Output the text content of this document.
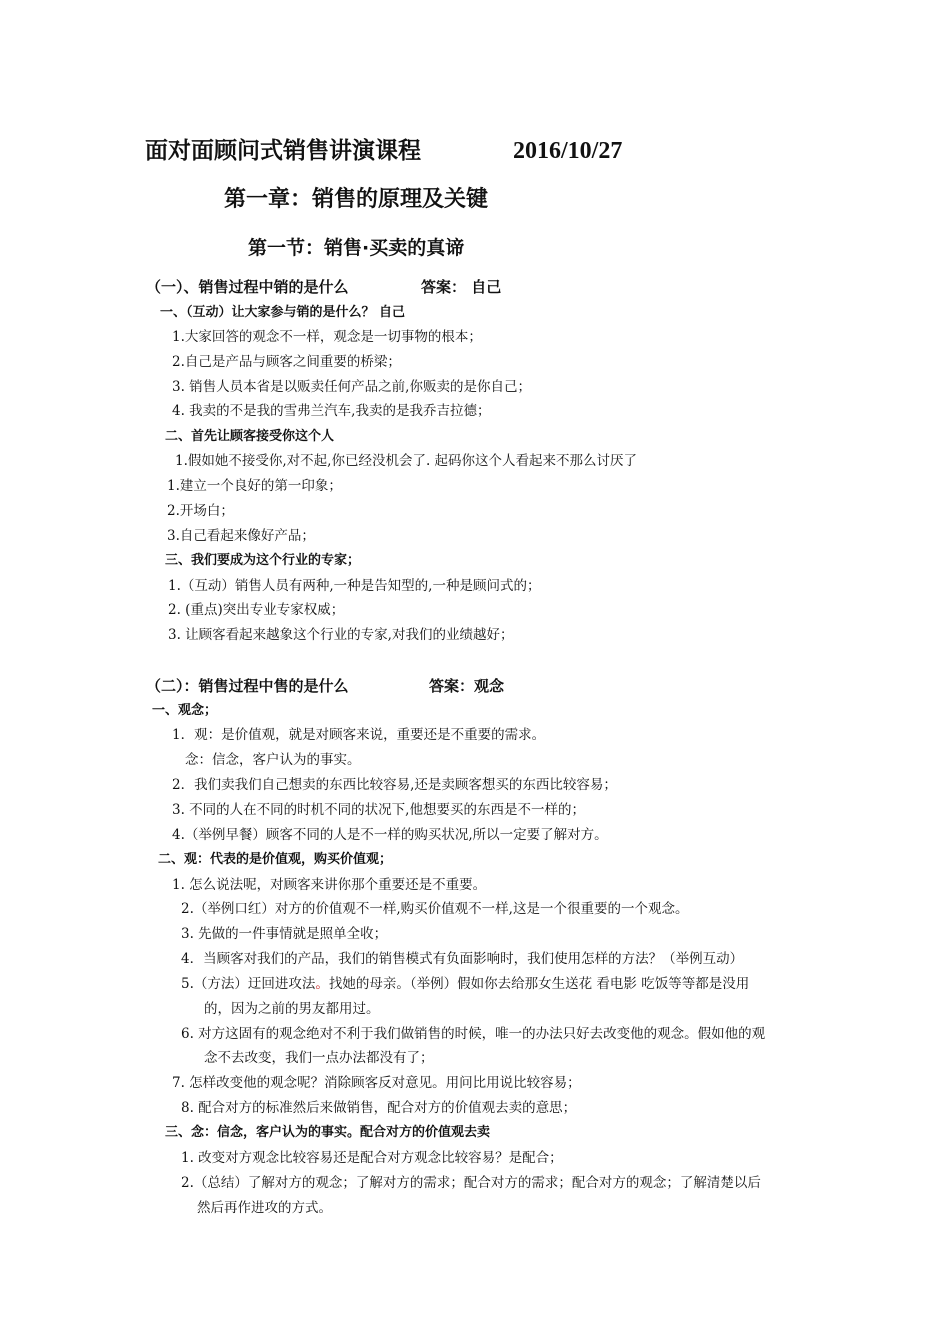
面对面顾问式销售讲演课程	2016/10/27
第一章：销售的原理及关键
第一节：销售·买卖的真谛
（一）、销售过程中销的是什么	答案： 自己
一、（互动）让大家参与销的是什么？ 自己
1.大家回答的观念不一样，观念是一切事物的根本；
2.自己是产品与顾客之间重要的桥梁；
3. 销售人员本省是以贩卖任何产品之前,你贩卖的是你自己；
4. 我卖的不是我的雪弗兰汽车,我卖的是我乔吉拉德；
二、首先让顾客接受你这个人
1.假如她不接受你,对不起,你已经没机会了. 起码你这个人看起来不那么讨厌了
1.建立一个良好的第一印象；
2.开场白；
3.自己看起来像好产品；
三、我们要成为这个行业的专家；
1.（互动）销售人员有两种,一种是告知型的,一种是顾问式的；
2. (重点)突出专业专家权威；
3. 让顾客看起来越象这个行业的专家,对我们的业绩越好；
（二）：销售过程中售的是什么	答案：观念
一、观念；
1．观：是价值观，就是对顾客来说，重要还是不重要的需求。
念：信念，客户认为的事实。
2．我们卖我们自己想卖的东西比较容易,还是卖顾客想买的东西比较容易；
3. 不同的人在不同的时机不同的状况下,他想要买的东西是不一样的；
4.（举例早餐）顾客不同的人是不一样的购买状况,所以一定要了解对方。
二、观：代表的是价值观，购买价值观；
1. 怎么说法呢，对顾客来讲你那个重要还是不重要。
2.（举例口红）对方的价值观不一样,购买价值观不一样,这是一个很重要的一个观念。
3. 先做的一件事情就是照单全收；
4．当顾客对我们的产品，我们的销售模式有负面影响时，我们使用怎样的方法？（举例互动）
5.（方法）迂回进攻法。找她的母亲。（举例）假如你去给那女生送花 看电影 吃饭等等都是没用
的，因为之前的男友都用过。
6. 对方这固有的观念绝对不利于我们做销售的时候，唯一的办法只好去改变他的观念。假如他的观
念不去改变，我们一点办法都没有了；
7. 怎样改变他的观念呢？消除顾客反对意见。用问比用说比较容易；
8. 配合对方的标准然后来做销售，配合对方的价值观去卖的意思；
三、念：信念，客户认为的事实。配合对方的价值观去卖
1. 改变对方观念比较容易还是配合对方观念比较容易？是配合；
2.（总结）了解对方的观念；了解对方的需求；配合对方的需求；配合对方的观念；了解清楚以后
然后再作进攻的方式。
